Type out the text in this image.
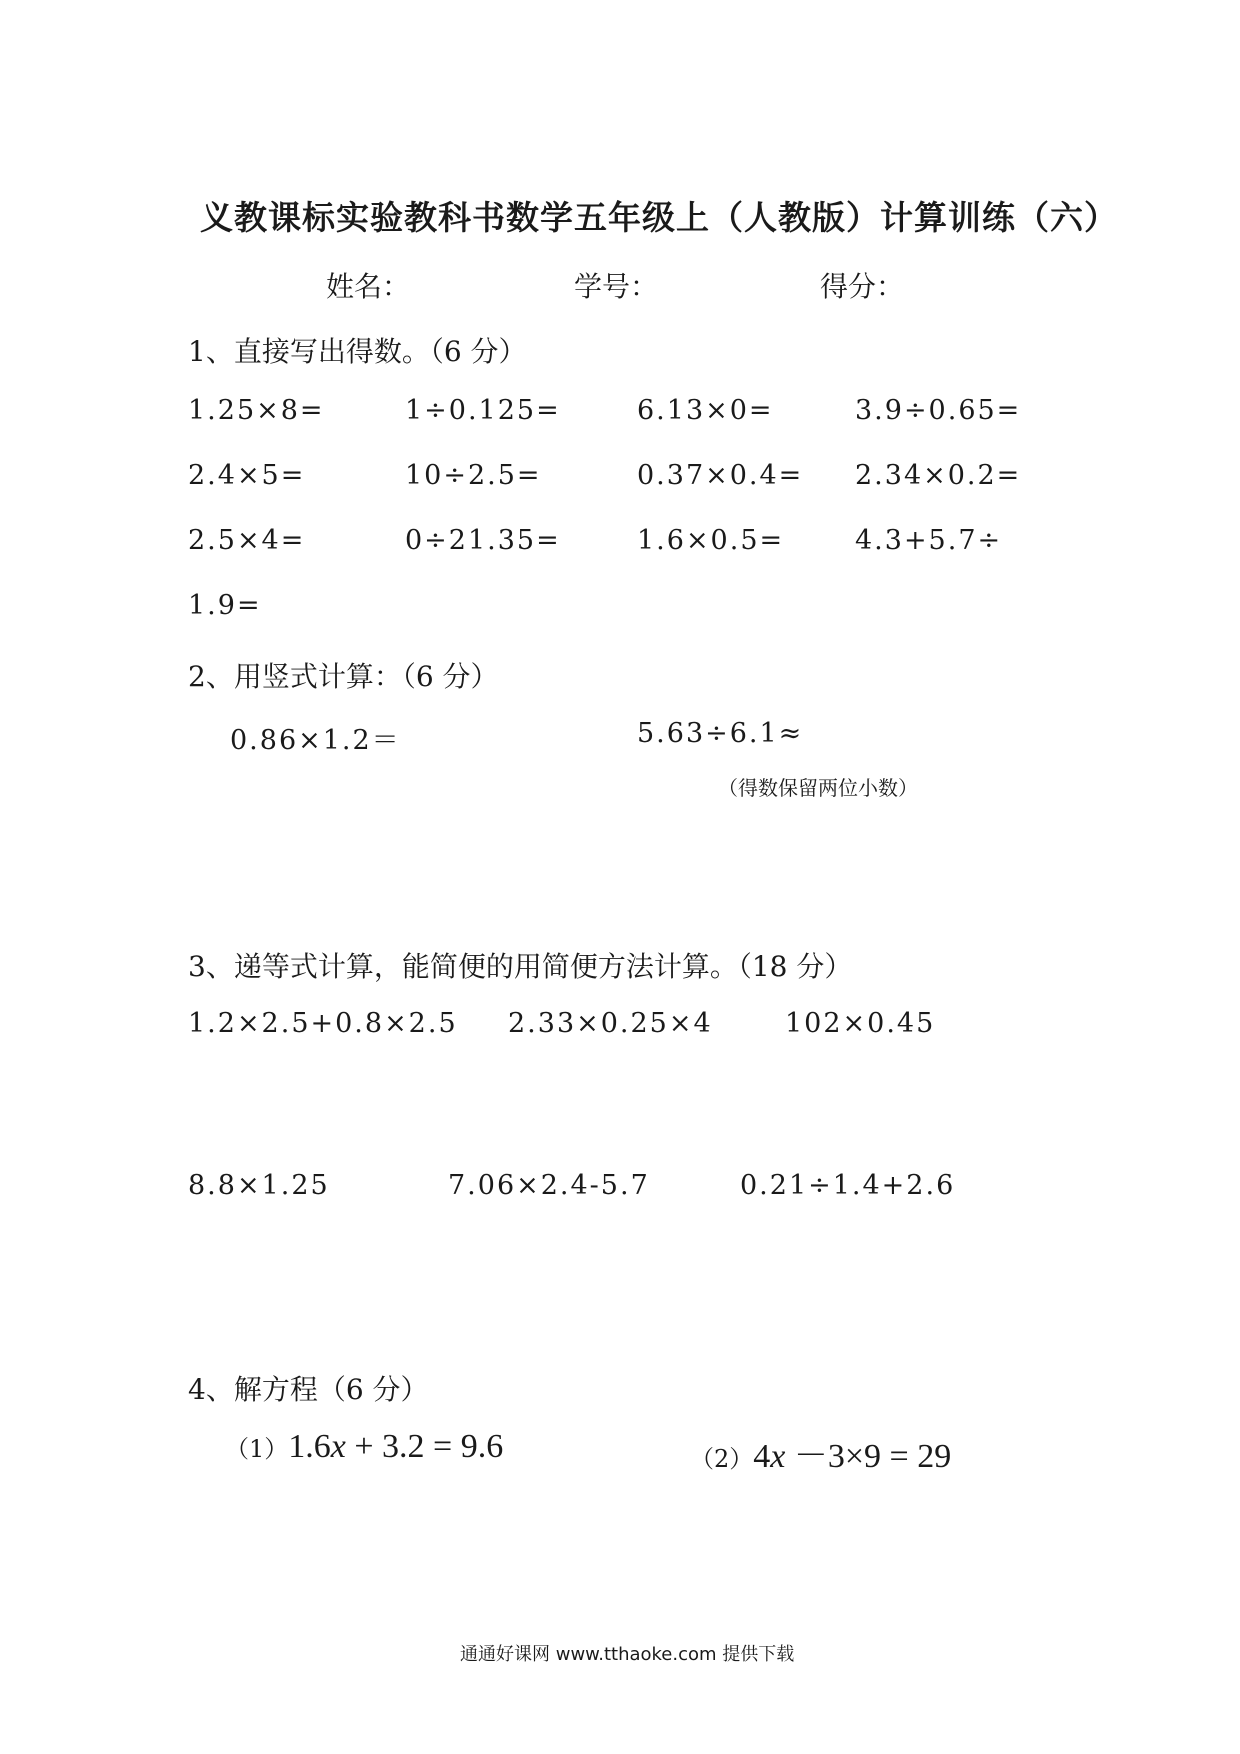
义教课标实验教科书数学五年级上（人教版）计算训练（六）
姓名：	学号：	得分：
1、直接写出得数。（6 分）
1.25×8=	1÷0.125=	6.13×0=	3.9÷0.65=
2.4×5=	10÷2.5=	0.37×0.4= 2.34×0.2=
2.5×4=	0÷21.35=	1.6×0.5=	4.3+5.7÷
1.9=
2、用竖式计算：（6 分）
0.86×1.2＝	5.63÷6.1≈
（得数保留两位小数）
3、递等式计算，能简便的用简便方法计算。（18 分）
1.2×2.5+0.8×2.5 2.33×0.25×4	102×0.45
8.8×1.25	7.06×2.4-5.7	0.21÷1.4+2.6
4、解方程（6 分）
（1）1.6x + 3.2 = 9.6	（2）4x －3×9 = 29
通通好课网 www.tthaoke.com 提供下载
